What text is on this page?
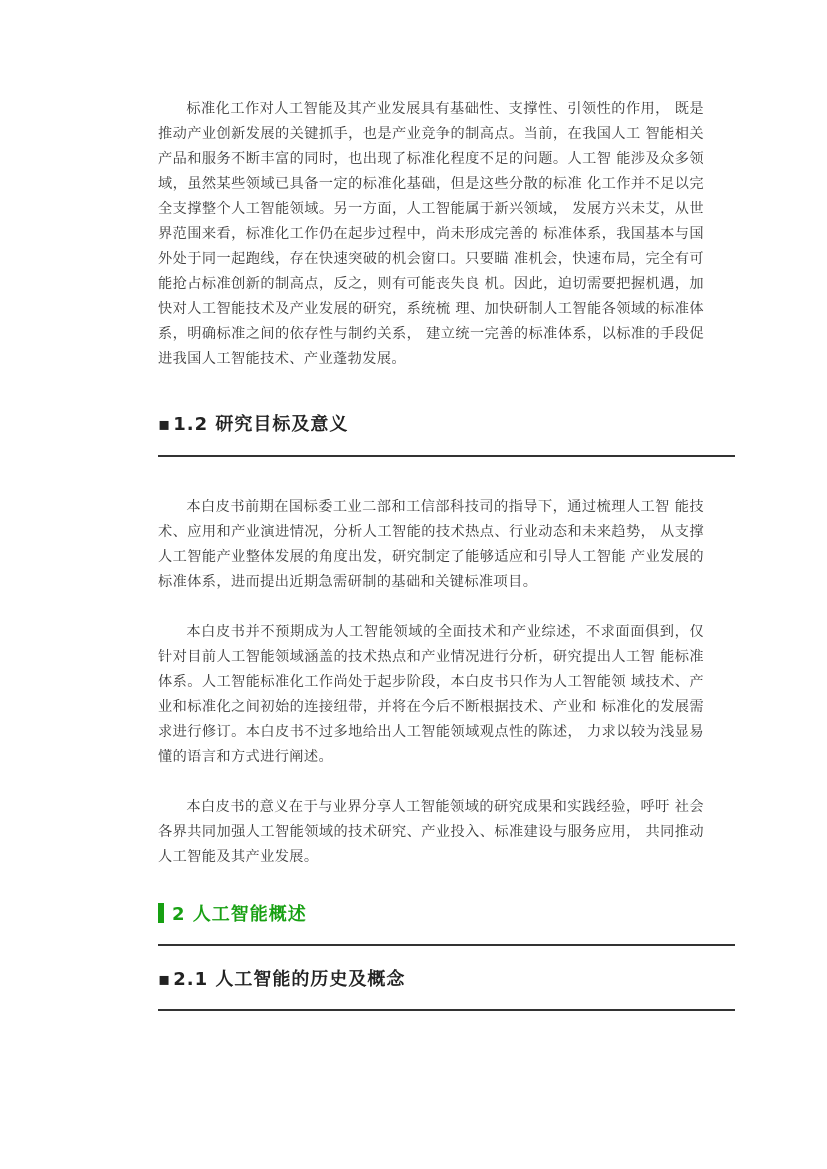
标准化工作对人工智能及其产业发展具有基础性、支撑性、引领性的作用， 既是推动产业创新发展的关键抓手，也是产业竞争的制高点。当前，在我国人工 智能相关产品和服务不断丰富的同时，也出现了标准化程度不足的问题。人工智 能涉及众多领域，虽然某些领域已具备一定的标准化基础，但是这些分散的标准 化工作并不足以完全支撑整个人工智能领域。另一方面，人工智能属于新兴领域， 发展方兴未艾，从世界范围来看，标准化工作仍在起步过程中，尚未形成完善的 标准体系，我国基本与国外处于同一起跑线，存在快速突破的机会窗口。只要瞄 准机会，快速布局，完全有可能抢占标准创新的制高点，反之，则有可能丧失良 机。因此，迫切需要把握机遇，加快对人工智能技术及产业发展的研究，系统梳 理、加快研制人工智能各领域的标准体系，明确标准之间的依存性与制约关系， 建立统一完善的标准体系，以标准的手段促进我国人工智能技术、产业蓬勃发展。

▪ 1.2 研究目标及意义

本白皮书前期在国标委工业二部和工信部科技司的指导下，通过梳理人工智 能技术、应用和产业演进情况，分析人工智能的技术热点、行业动态和未来趋势， 从支撑人工智能产业整体发展的角度出发，研究制定了能够适应和引导人工智能 产业发展的标准体系，进而提出近期急需研制的基础和关键标准项目。

本白皮书并不预期成为人工智能领域的全面技术和产业综述，不求面面俱到，仅针对目前人工智能领域涵盖的技术热点和产业情况进行分析，研究提出人工智 能标准体系。人工智能标准化工作尚处于起步阶段，本白皮书只作为人工智能领 域技术、产业和标准化之间初始的连接纽带，并将在今后不断根据技术、产业和 标准化的发展需求进行修订。本白皮书不过多地给出人工智能领域观点性的陈述， 力求以较为浅显易懂的语言和方式进行阐述。

本白皮书的意义在于与业界分享人工智能领域的研究成果和实践经验，呼吁 社会各界共同加强人工智能领域的技术研究、产业投入、标准建设与服务应用， 共同推动人工智能及其产业发展。

2 人工智能概述
▪ 2.1 人工智能的历史及概念
